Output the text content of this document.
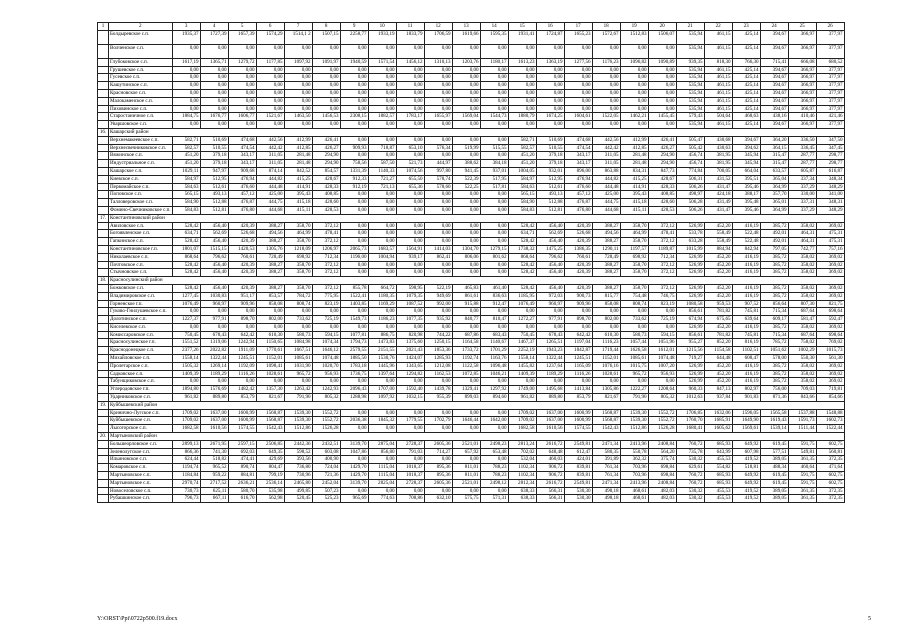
1	2	3	4	5	6	7	8	9	10	11	12	13	14	15	16	17	18	19	20	21	22	23	24	25	26
	Болдыревское с.п.	1935,37	1727,39	1657,39	1574,29	1514,1 2	1507,15	2258,77	1933,19	1833,79	1706,59	1619,66	1595,35	1931,41	1724,87	1655,23	1572,67	1512,83	1506,07	535,94	461,15	425,14	394,67	366,97	377,97
	Волченское с.п.	0,00	0,00	0,00	0,00	0,00	0,00	0,00	0,00	0,00	0,00	0,00	0,00	0,00	0,00	0,00	0,00	0,00	0,00	535,94	461,15	425,14	394,67	366,97	377,97
	Глубоковское с.п.	1617,19	1365,71	1279,72	1177,85	1097,92	1091,97	1940,59	1571,54	1456,12	1310,13	1203,76	1180,17	1613,23	1363,19	1277,56	1176,23	1096,82	1090,89	939,35	818,30	766,30	715,41	666,08	680,52
	Грушевское с.п.	0,00	0,00	0,00	0,00	0,00	0,00	0,00	0,00	0,00	0,00	0,00	0,00	0,00	0,00	0,00	0,00	0,00	0,00	535,94	461,15	425,14	394,67	366,97	377,97
	Гусевское с.п.	0,00	0,00	0,00	0,00	0,00	0,00	0,00	0,00	0,00	0,00	0,00	0,00	0,00	0,00	0,00	0,00	0,00	0,00	535,94	461,15	425,14	394,67	366,97	377,97
	Кашутинское с.п.	0,00	0,00	0,00	0,00	0,00	0,00	0,00	0,00	0,00	0,00	0,00	0,00	0,00	0,00	0,00	0,00	0,00	0,00	535,94	461,15	425,14	394,67	366,97	377,97
	Красновское с.п.	0,00	0,00	0,00	0,00	0,00	0,00	0,00	0,00	0,00	0,00	0,00	0,00	0,00	0,00	0,00	0,00	0,00	0,00	535,94	461,15	425,14	394,67	366,97	377,97
	Малокаменское с.п.	0,00	0,00	0,00	0,00	0,00	0,00	0,00	0,00	0,00	0,00	0,00	0,00	0,00	0,00	0,00	0,00	0,00	0,00	535,94	461,15	425,14	394,67	366,97	377,97
	Пиховинское с.п.	0,00	0,00	0,00	0,00	0,00	0,00	0,00	0,00	0,00	0,00	0,00	0,00	0,00	0,00	0,00	0,00	0,00	0,00	535,94	461,15	425,14	394,67	366,97	377,97
	Старостаничное с.п.	1884,75	1676,77	1606,77	1521,67	1463,50	1456,53	2308,15	1882,57	1783,17	1655,97	1569,04	1544,73	1880,79	1674,25	1604,61	1522,05	1462,21	1455,45	579,43	504,64	468,63	438,16	410,46	421,46
	Уваршовское с.п.	0,00	0,00	0,00	0,00	0,00	0,00	0,00	0,00	0,00	0,00	0,00	0,00	0,00	0,00	0,00	0,00	0,00	0,00	535,94	461,15	425,14	394,67	366,97	377,97
16.	Кашарский район																								
	Верхнемакеевское с.п.	582,71	510,69	474,68	442,56	412,99	426,41	0,00	0,00	0,00	0,00	0,00	0,00	582,71	510,69	474,68	442,56	412,99	426,41	505,47	430,68	394,67	364,20	336,50	347,50
	Верхнесвечниковское с.п.	582,57	510,55	474,54	442,42	412,85	426,27	909,93	718,87	653,10	576,34	519,99	515,55	582,57	510,55	474,54	442,42	412,85	426,27	505,42	430,63	394,62	364,15	336,45	347,45
	Вяжинское с.п.	451,20	379,18	343,17	311,05	281,48	294,90	0,00	0,00	0,00	0,00	0,00	0,00	451,20	379,18	343,17	311,05	281,48	294,90	456,74	381,95	345,94	315,47	287,77	298,77
	Индустриальное с.п.	451,20	379,18	343,17	311,05	281,48	294,90	758,56	587,50	521,73	444,97	388,62	384,18	451,20	379,18	343,17	311,05	281,48	294,90	456,74	381,95	345,94	315,47	287,77	298,77
	Кашарское с.п.	1029,11	947,97	909,68	874,14	842,52	854,57	1331,39	1140,33	1074,56	997,80	941,45	937,01	1004,05	932,01	896,00	863,88	834,31	847,73	774,84	700,05	664,04	633,57	605,87	616,87
	Киевское с.п.	584,97	512,95	476,94	444,82	415,25	428,67	912,33	721,27	655,50	578,74	522,39	517,95	584,97	512,95	476,94	444,82	415,25	428,67	506,31	431,52	395,51	365,04	337,34	348,34
	Первомайское с.п.	584,63	512,61	476,60	444,48	414,91	428,33	912,19	721,13	655,36	578,60	522,25	517,81	584,63	512,61	476,60	444,48	414,91	428,33	506,26	431,47	395,46	364,99	337,29	348,29
	Поповское с.п.	565,15	493,13	457,12	425,00	395,43	408,85	0,00	0,00	0,00	0,00	0,00	0,00	565,15	493,13	457,12	425,00	395,43	408,85	498,97	424,18	388,17	357,70	330,00	341,00
	Талловеровское с.п.	584,90	512,88	476,87	444,75	415,18	428,60	0,00	0,00	0,00	0,00	0,00	0,00	584,90	512,88	476,87	444,75	415,18	428,60	506,28	431,49	395,48	365,01	337,31	348,31
	Фомино-Свечниковское с.п.	584,83	512,81	476,80	444,68	415,11	428,53	0,00	0,00	0,00	0,00	0,00	0,00	584,83	512,81	476,80	444,68	415,11	428,53	506,26	431,47	395,46	364,99	337,29	348,29
17.	Константиновский район																								
	Авиловское с.п.	528,42	456,40	420,39	388,27	358,70	372,12	0,00	0,00	0,00	0,00	0,00	0,00	528,42	456,40	420,39	388,27	358,70	372,12	526,99	452,20	416,19	385,72	358,02	369,02
	Богоявленское с.п.	634,71	562,69	526,68	494,56	464,99	478,41	0,00	0,00	0,00	0,00	0,00	0,00	634,71	562,69	526,68	494,56	464,99	478,41	533,78	558,49	522,48	492,01	464,31	475,31
	Гапкинское с.п.	528,42	456,40	420,39	388,27	358,70	372,12	0,00	0,00	0,00	0,00	0,00	0,00	528,42	456,40	420,39	388,27	358,70	372,12	633,28	558,49	522,48	492,01	464,31	475,31
	Константиновское г.п.	1801,07	1515,15	1420,53	1305,76	1218,09	1206,97	2065,73	1683,57	1564,91	1414,03	1304,70	1279,15	1738,32	1475,25	1386,35	1290,11	1197,57	1189,87	1015,99	884,94	842,94	797,05	742,77	757,16
	Николаевское с.п.	868,64	796,62	760,61	728,49	698,92	712,34	1196,00	1004,94	939,17	862,41	806,06	801,62	868,64	796,62	760,61	728,49	698,92	712,34	526,99	452,20	416,19	385,72	358,02	369,02
	Почтовское с.п.	528,42	456,40	420,39	388,27	358,70	372,12	0,00	0,00	0,00	0,00	0,00	0,00	528,42	456,40	420,39	388,27	358,70	372,12	526,99	452,20	416,19	385,72	358,02	369,02
	Стычновское с.п.	528,42	456,40	420,39	388,27	358,70	372,12	0,00	0,00	0,00	0,00	0,00	0,00	528,42	456,40	420,39	388,27	358,70	372,12	526,99	452,20	416,19	385,72	358,02	369,02
18.	Красносулинский район																								
	Божковское с.п.	528,42	456,40	420,39	388,27	358,70	372,12	855,78	664,72	598,95	522,19	465,83	461,40	528,42	456,40	420,39	388,27	358,70	372,12	526,99	452,20	416,19	385,72	358,02	369,02
	Владимировское с.п.	1277,45	1030,83	951,17	853,57	784,72	775,95	1522,41	1180,35	1079,35	949,69	861,61	836,63	1185,95	972,03	900,73	815,77	754,48	746,75	526,99	452,20	416,19	385,72	358,02	369,02
	Горненское г.п.	1076,49	960,97	909,96	858,08	808,74	823,19	1403,85	1169,29	1087,52	992,00	915,88	912,47	1076,49	960,97	909,96	858,08	808,74	823,19	1080,58	959,53	907,52	856,64	807,30	821,75
	Гуково-Гнилушевское с.п.	0,00	0,00	0,00	0,00	0,00	0,00	0,00	0,00	0,00	0,00	0,00	0,00	0,00	0,00	0,00	0,00	0,00	0,00	856,61	781,82	745,81	715,34	687,64	698,64
	Долотинское с.п.	1227,37	977,91	898,70	802,00	733,62	725,19	1549,73	1186,23	1077,35	935,92	840,77	810,47	1272,27	977,91	898,70	802,00	733,62	725,19	674,94	675,65	639,64	609,17	581,47	592,47
	Киселевское с.п.	0,00	0,00	0,00	0,00	0,00	0,00	0,00	0,00	0,00	0,00	0,00	0,00	0,00	0,00	0,00	0,00	0,00	0,00	526,99	452,20	416,19	385,72	358,02	369,02
	Комиссаровское с.п.	750,45	678,43	642,42	610,30	580,73	594,15	1077,81	886,75	820,98	744,22	687,86	683,43	750,45	678,43	642,42	610,30	580,73	594,15	856,61	781,82	745,81	715,34	687,64	698,64
	Красносулинское г.п.	1551,52	1319,06	1242,94	1150,65	1084,98	1074,34	1794,73	1473,83	1375,60	1250,15	1164,58	1140,67	1467,37	1265,51	1197,04	1116,23	1057,44	1051,96	955,27	852,20	816,19	785,72	758,02	769,02
	Краснодонецкое с.п.	2377,26	2022,82	1911,09	1770,61	1667,51	1646,12	2579,55	2151,55	2021,43	1853,36	1733,72	1701,29	2252,19	1943,23	1842,87	1719,44	1626,58	1612,01	1215,56	1154,58	1102,51	1051,62	1002,29	1015,73
	Михайловское с.п.	1558,14	1322,44	1245,51	1152,01	1085,61	1074,48	1885,50	1530,76	1424,07	1285,93	1192,74	1163,76	1558,14	1322,44	1245,51	1152,01	1085,61	1074,48	719,27	644,48	608,47	578,00	550,30	561,30
	Пролетарское с.п.	1505,32	1269,14	1192,09	1098,41	1031,90	1020,70	1783,18	1445,96	1343,65	1212,08	1122,58	1096,48	1455,82	1237,64	1165,09	1076,16	1015,75	1007,20	526,99	452,20	416,19	385,72	358,02	369,02
	Садковское с.п.	1409,39	1189,29	1116,26	1028,61	965,72	956,93	1736,75	1397,64	1294,82	1162,53	1072,85	1046,21	1409,39	1189,29	1116,26	1028,61	965,72	956,93	526,99	452,20	416,19	385,72	358,02	369,02
	Табунщиковское с.п.	0,00	0,00	0,00	0,00	0,00	0,00	0,00	0,00	0,00	0,00	0,00	0,00	0,00	0,00	0,00	0,00	0,00	0,00	526,99	452,20	416,19	385,72	358,02	369,02
	Углеродовское г.п.	1894,80	1576,69	1482,42	1357,30	1263,42	1242,93	2096,43	1707,00	1592,40	1439,78	1329,41	1297,92	1749,00	1495,68	1413,84	1305,86	1222,27	1208,64	960,33	847,13	802,97	756,00	709,03	719,81
	Ударниковское с.п.	961,82	889,80	853,79	821,67	791,90	805,32	1288,98	1097,92	1032,15	955,39	899,03	894,60	961,82	889,80	853,79	821,67	791,90	805,32	1012,63	937,84	901,83	871,36	843,66	854,66
19.	Куйбышевский район																								
	Кринично-Лугское с.п.	1709,02	1637,00	1600,99	1568,87	1539,30	1552,72	0,00	0,00	0,00	0,00	0,00	0,00	1709,02	1637,00	1600,99	1568,87	1539,30	1552,72	1706,85	1632,06	1596,05	1565,58	1537,88	1548,88
	Куйбышевское с.п.	1709,02	1637,00	1600,99	1568,87	1539,30	1552,72	2036,38	1845,32	1779,55	1702,79	1646,44	1642,00	1709,02	1637,00	1600,99	1568,87	1539,30	1552,72	1760,70	1685,91	1649,90	1619,43	1591,73	1602,73
	Лысогорское с.п.	1682,58	1610,56	1574,55	1542,43	1512,86	1526,28	0,00	0,00	0,00	0,00	0,00	0,00	1682,58	1610,56	1574,55	1542,43	1512,86	1526,28	1680,41	1605,62	1569,61	1539,14	1511,44	1522,44
20.	Мартыновский район																								
	Большеорловское с.п.	2899,13	2671,95	2597,15	2506,85	2442,36	2432,51	3139,70	2875,04	2728,37	2605,36	2521,01	2498,23	2813,24	2616,72	2549,81	2471,34	2413,96	2408,84	760,72	685,93	649,92	619,45	591,75	602,75
	Зеленолугское с.п.	866,36	741,30	692,03	649,35	598,52	603,08	1047,86	856,80	791,03	714,27	657,92	653,48	702,02	648,48	612,47	580,35	550,78	564,20	735,78	643,99	607,98	577,51	549,81	560,81
	Ильиновское с.п.	624,44	518,82	474,41	429,69	393,56	400,90	0,00	0,00	0,00	0,00	0,00	0,00	532,04	460,03	424,01	391,89	362,32	375,74	530,32	455,53	419,52	389,05	361,35	372,35
	Комаровское с.п.	1194,74	965,52	890,74	804,47	736,80	724,04	1429,70	1115,04	1018,37	895,36	811,01	788,23	1102,34	906,72	839,81	761,34	703,96	698,84	629,61	554,82	518,81	488,34	460,64	471,64
	Мартыновское с.п.	1184,84	959,22	884,81	799,19	730,96	721,36	1429,70	1115,04	1018,37	895,36	811,01	788,23	1102,34	906,72	839,81	761,34	703,96	698,84	760,72	685,93	649,92	619,45	591,75	602,75
	Мартыновское с.п.	2970,74	2717,52	2636,21	2536,14	2465,80	2452,04	3139,70	2825,04	2728,37	2605,36	2521,01	2498,12	2812,34	2616,72	2549,81	2471,34	2413,96	2408,84	760,72	685,93	649,92	619,45	591,75	602,75
	Новоселовское с.п.	730,73	625,11	580,70	535,98	499,85	507,23	0,00	0,00	0,00	0,00	0,00	0,00	638,33	566,31	530,30	498,18	468,61	482,03	530,32	455,53	419,52	389,05	361,35	372,35
	Рубашкинское с.п.	796,73	667,11	616,70	562,98	520,45	525,23	965,69	774,63	708,86	632,10	575,75	571,31	638,33	566,31	530,30	498,18	468,61	482,03	530,32	455,53	419,52	389,05	361,35	372,35
Y:\ORST\Ppi\0722p500.f19.docx	5
